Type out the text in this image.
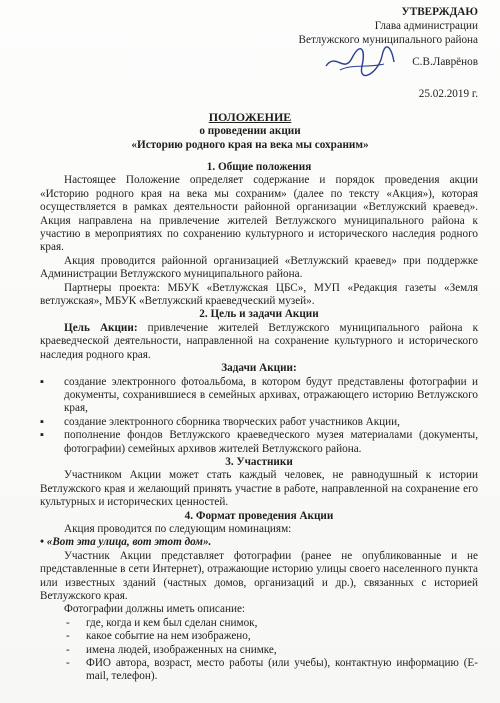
УТВЕРЖДАЮ
Глава администрации
Ветлужского муниципального района
С.В.Лаврёнов
25.02.2019 г.
ПОЛОЖЕНИЕ
о проведении акции
«Историю родного края на века мы сохраним»

1. Общие положения

Настоящее Положение определяет содержание и порядок проведения акции «Историю родного края на века мы сохраним» (далее по тексту «Акция»), которая осуществляется в рамках деятельности районной организации «Ветлужский краевед». Акция направлена на привлечение жителей Ветлужского муниципального района к участию в мероприятиях по сохранению культурного и исторического наследия родного края.

Акция проводится районной организацией «Ветлужский краевед» при поддержке Администрации Ветлужского муниципального района.

Партнеры проекта: МБУК «Ветлужская ЦБС», МУП «Редакция газеты «Земля ветлужская», МБУК «Ветлужский краеведческий музей».

2. Цель и задачи Акции

Цель Акции: привлечение жителей Ветлужского муниципального района к краеведческой деятельности, направленной на сохранение культурного и исторического наследия родного края.

Задачи Акции:

▪ создание электронного фотоальбома, в котором будут представлены фотографии и документы, сохранившиеся в семейных архивах, отражающего историю Ветлужского края,
▪ создание электронного сборника творческих работ участников Акции,
▪ пополнение фондов Ветлужского краеведческого музея материалами (документы, фотографии) семейных архивов жителей Ветлужского района.

3. Участники

Участником Акции может стать каждый человек, не равнодушный к истории Ветлужского края и желающий принять участие в работе, направленной на сохранение его культурных и исторических ценностей.

4. Формат проведения Акции

Акция проводится по следующим номинациям:

• «Вот эта улица, вот этот дом».

Участник Акции представляет фотографии (ранее не опубликованные и не представленные в сети Интернет), отражающие историю улицы своего населенного пункта или известных зданий (частных домов, организаций и др.), связанных с историей Ветлужского края.

Фотографии должны иметь описание:

- где, когда и кем был сделан снимок,
- какое событие на нем изображено,
- имена людей, изображенных на снимке,
- ФИО автора, возраст, место работы (или учебы), контактную информацию (E-mail, телефон).
